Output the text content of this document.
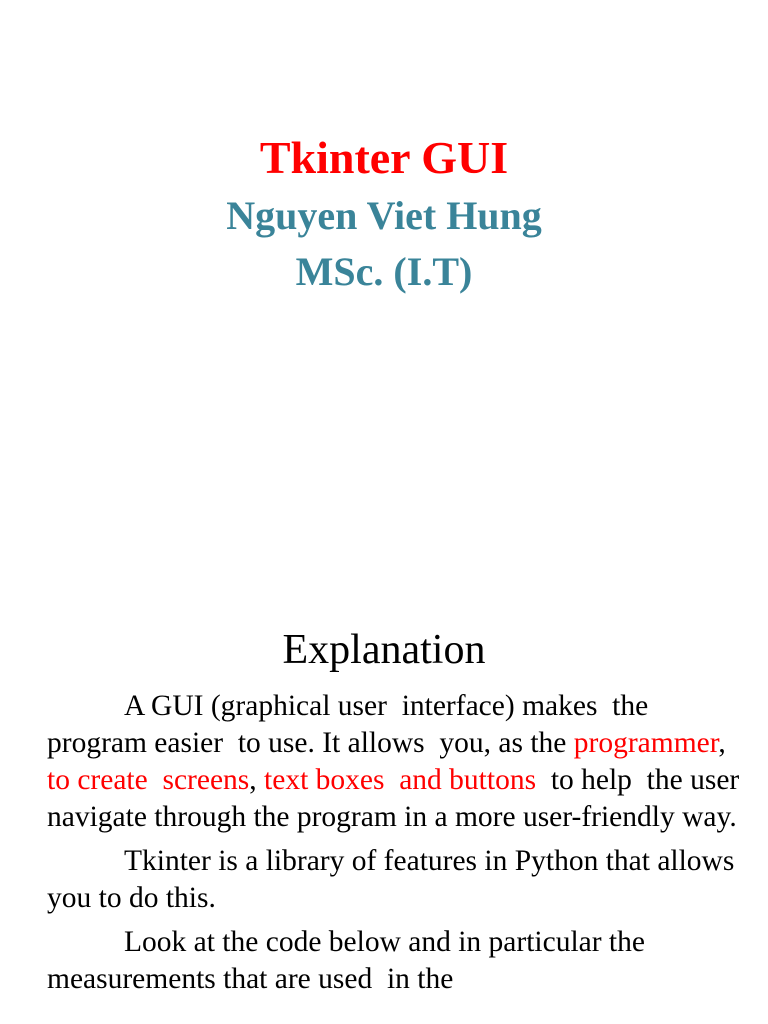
Tkinter GUI
Nguyen Viet Hung
MSc. (I.T)
Explanation

A GUI (graphical user  interface) makes  the program easier  to use. It allows  you, as the programmer, to create  screens, text boxes  and buttons  to help  the user navigate through the program in a more user-friendly way.

Tkinter is a library of features in Python that allows  you to do this.

Look at the code below and in particular the measurements that are used  in the
